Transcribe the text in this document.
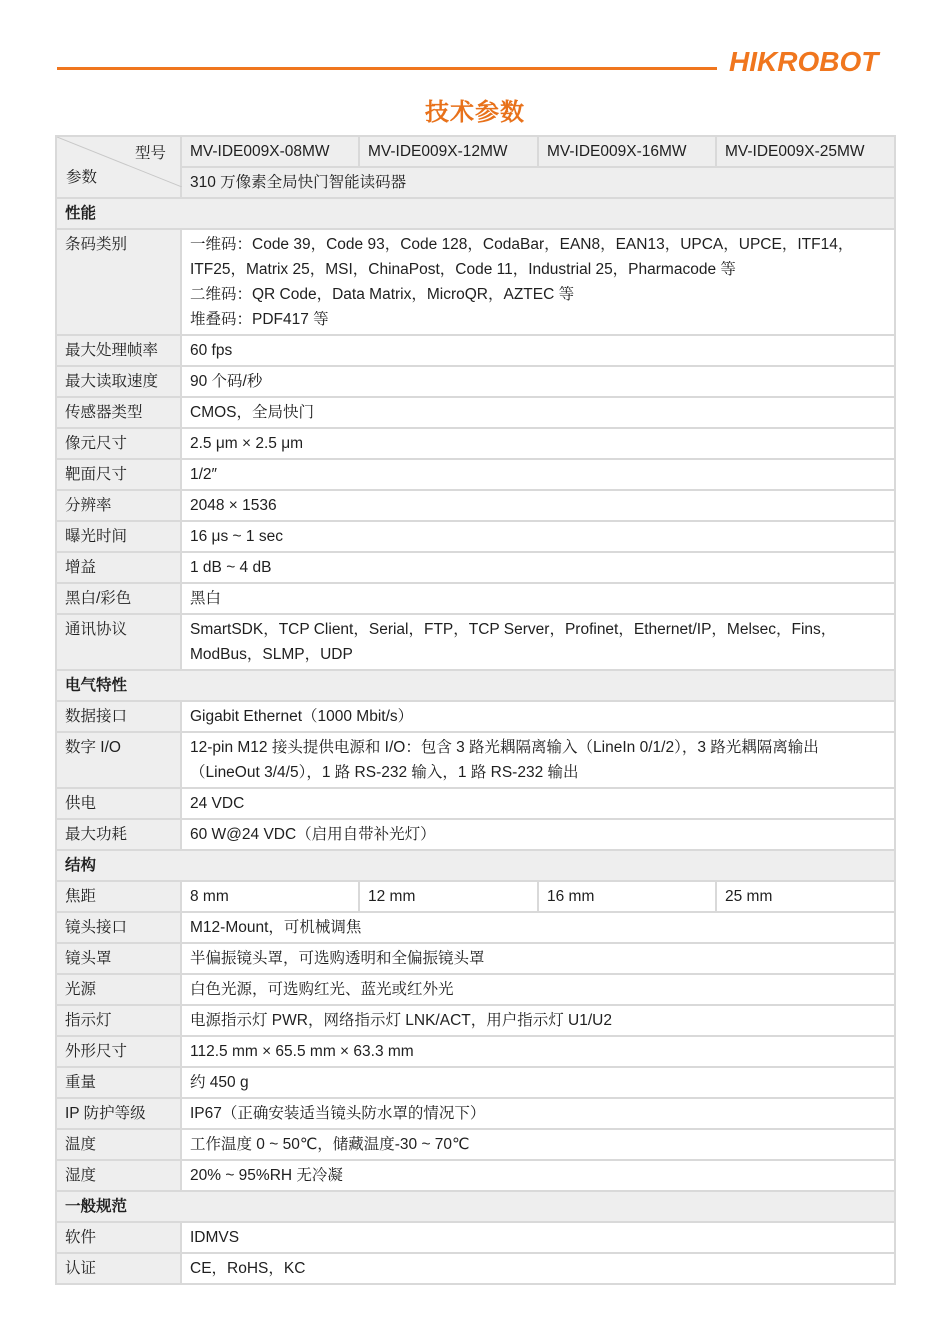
HIKROBOT
技术参数
型号
参数	MV-IDE009X-08MW	MV-IDE009X-12MW	MV-IDE009X-16MW	MV-IDE009X-25MW
	310 万像素全局快门智能读码器			
性能				
条码类别	一维码：Code 39，Code 93，Code 128，CodaBar，EAN8，EAN13，UPCA，UPCE，ITF14，
ITF25，Matrix 25，MSI，ChinaPost，Code 11，Industrial 25，Pharmacode 等
二维码：QR Code，Data Matrix，MicroQR，AZTEC 等
堆叠码：PDF417 等			

最大处理帧率	60 fps			
最大读取速度	90 个码/秒			
传感器类型	CMOS，全局快门			
像元尺寸	2.5 μm × 2.5 μm			
靶面尺寸	1/2″			
分辨率	2048 × 1536			
曝光时间	16 μs ~ 1 sec			
增益	1 dB ~ 4 dB			
黑白/彩色	黑白			
通讯协议	SmartSDK，TCP Client，Serial，FTP，TCP Server，Profinet，Ethernet/IP，Melsec，Fins，
ModBus，SLMP，UDP			

电气特性				
数据接口	Gigabit Ethernet（1000 Mbit/s）			
数字 I/O	12-pin M12 接头提供电源和 I/O：包含 3 路光耦隔离输入（LineIn 0/1/2），3 路光耦隔离输出
（LineOut 3/4/5），1 路 RS-232 输入，1 路 RS-232 输出			

供电	24 VDC			
最大功耗	60 W@24 VDC（启用自带补光灯）			
结构				
焦距	8 mm	12 mm	16 mm	25 mm
镜头接口	M12-Mount，可机械调焦			
镜头罩	半偏振镜头罩，可选购透明和全偏振镜头罩			
光源	白色光源，可选购红光、蓝光或红外光			
指示灯	电源指示灯 PWR，网络指示灯 LNK/ACT，用户指示灯 U1/U2			
外形尺寸	112.5 mm × 65.5 mm × 63.3 mm			
重量	约 450 g			
IP 防护等级	IP67（正确安装适当镜头防水罩的情况下）			
温度	工作温度 0 ~ 50℃，储藏温度-30 ~ 70℃			
湿度	20% ~ 95%RH 无冷凝			
一般规范				
软件	IDMVS			
认证	CE，RoHS，KC			
